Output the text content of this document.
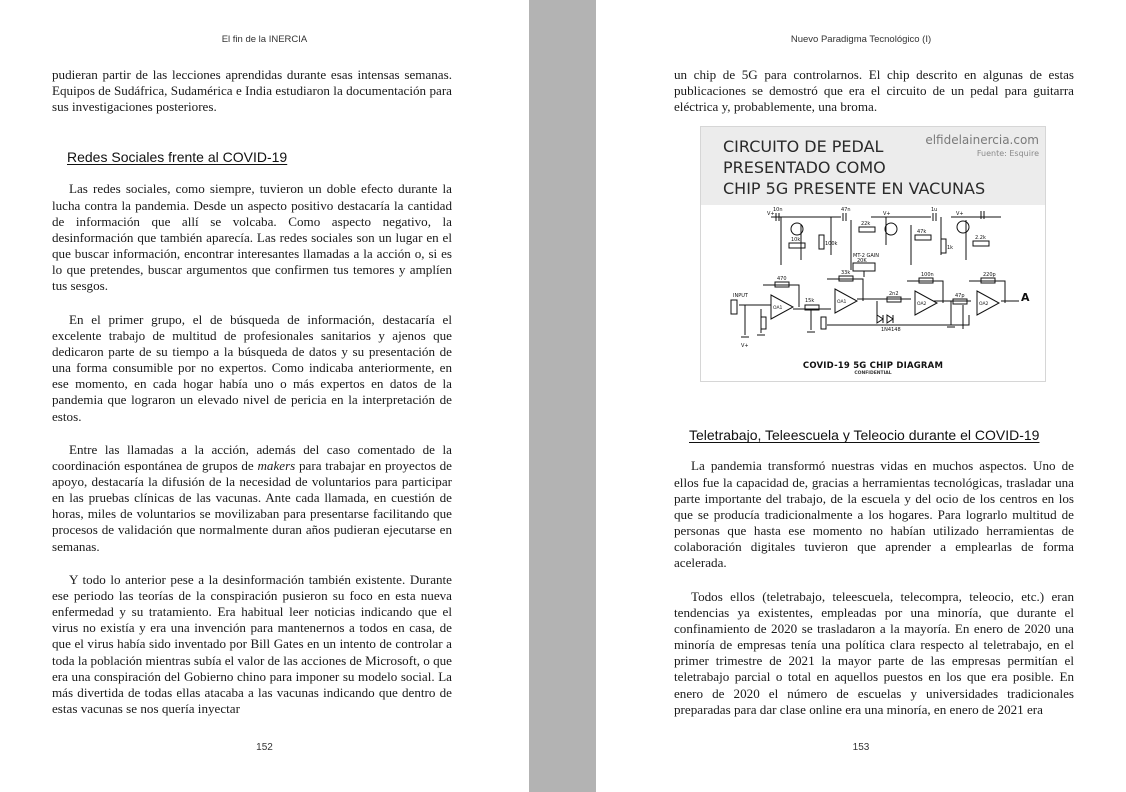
El fin de la INERCIA

pudieran partir de las lecciones aprendidas durante esas intensas semanas. Equipos de Sudáfrica, Sudamérica e India estudiaron la documentación para sus investigaciones posteriores.

Redes Sociales frente al COVID-19

Las redes sociales, como siempre, tuvieron un doble efecto durante la lucha contra la pandemia. Desde un aspecto positivo destacaría la cantidad de información que allí se volcaba. Como aspecto negativo, la desinformación que también aparecía. Las redes sociales son un lugar en el que buscar información, encontrar interesantes llamadas a la acción o, si es lo que pretendes, buscar argumentos que confirmen tus temores y amplíen tus sesgos.

En el primer grupo, el de búsqueda de información, destacaría el excelente trabajo de multitud de profesionales sanitarios y ajenos que dedicaron parte de su tiempo a la búsqueda de datos y su presentación de una forma consumible por no expertos. Como indicaba anteriormente, en ese momento, en cada hogar había uno o más expertos en datos de la pandemia que lograron un elevado nivel de pericia en la interpretación de estos.

Entre las llamadas a la acción, además del caso comentado de la coordinación espontánea de grupos de makers para trabajar en proyectos de apoyo, destacaría la difusión de la necesidad de voluntarios para participar en las pruebas clínicas de las vacunas. Ante cada llamada, en cuestión de horas, miles de voluntarios se movilizaban para presentarse facilitando que procesos de validación que normalmente duran años pudieran ejecutarse en semanas.

Y todo lo anterior pese a la desinformación también existente. Durante ese periodo las teorías de la conspiración pusieron su foco en esta nueva enfermedad y su tratamiento. Era habitual leer noticias indicando que el virus no existía y era una invención para mantenernos a todos en casa, de que el virus había sido inventado por Bill Gates en un intento de controlar a toda la población mientras subía el valor de las acciones de Microsoft, o que era una conspiración del Gobierno chino para imponer su modelo social. La más divertida de todas ellas atacaba a las vacunas indicando que dentro de estas vacunas se nos quería inyectar

152
Nuevo Paradigma Tecnológico (I)

un chip de 5G para controlarnos. El chip descrito en algunas de estas publicaciones se demostró que era el circuito de un pedal para guitarra eléctrica y, probablemente, una broma.

CIRCUITO DE PEDAL
PRESENTADO COMO
CHIP 5G PRESENTE EN VACUNAS
elfidelainercia.com
Fuente: Esquire
INPUT
MT-2 GAIN
20K
1N4148
OA1
OA1	OA2	OA2
10k
100k
22k
47k
1k
2.2k
470
33k
15k
10n	47n	1u
100n	220p
47p
2n2
V+	V+	V+
V+
A
COVID-19 5G CHIP DIAGRAM
CONFIDENTIAL
Teletrabajo, Teleescuela y Teleocio durante el COVID-19

La pandemia transformó nuestras vidas en muchos aspectos. Uno de ellos fue la capacidad de, gracias a herramientas tecnológicas, trasladar una parte importante del trabajo, de la escuela y del ocio de los centros en los que se producía tradicionalmente a los hogares. Para lograrlo multitud de personas que hasta ese momento no habían utilizado herramientas de colaboración digitales tuvieron que aprender a emplearlas de forma acelerada.

Todos ellos (teletrabajo, teleescuela, telecompra, teleocio, etc.) eran tendencias ya existentes, empleadas por una minoría, que durante el confinamiento de 2020 se trasladaron a la mayoría. En enero de 2020 una minoría de empresas tenía una política clara respecto al teletrabajo, en el primer trimestre de 2021 la mayor parte de las empresas permitían el teletrabajo parcial o total en aquellos puestos en los que era posible. En enero de 2020 el número de escuelas y universidades tradicionales preparadas para dar clase online era una minoría, en enero de 2021 era

153
